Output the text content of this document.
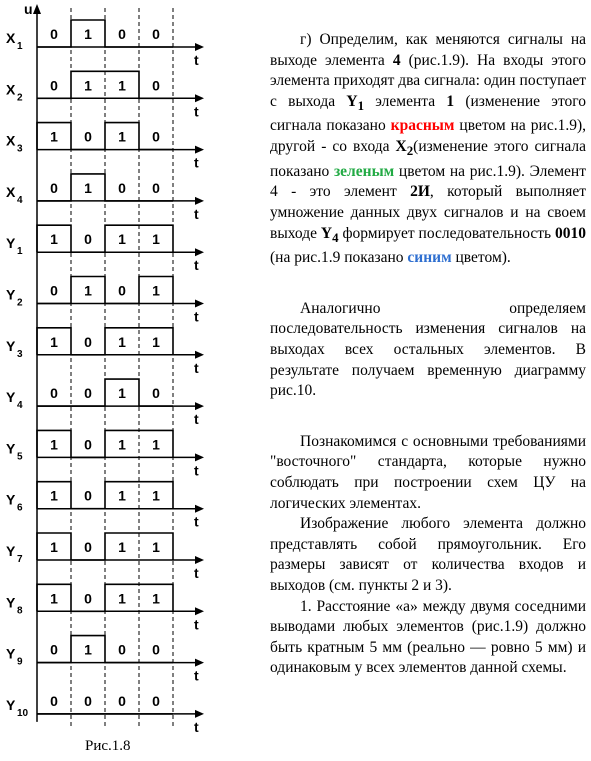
u
t
X
1
0 1 0 0
t
X
2
0 1 1 0
t
X
3
1 0 1 0
t
X
4
0 1 0 0
t
Y
1
1 0 1 1
t
Y
2
0 1 0 1
t
Y
3
1 0 1 1
t
Y
4
0 0 1 0
t
Y
5
1 0 1 1
t
Y
6
1 0 1 1
t
Y
7
1 0 1 1
t
Y
8
1 0 1 1
t
Y
9
0 1 0 0
t
Y
10
0 0 0 0
Рис.1.8

г) Определим, как меняются сигналы на выходе элемента 4 (рис.1.9). На входы этого элемента приходят два сигнала: один поступает с выхода $Y_1$ элемента 1 (изменение этого сигнала показано красным цветом на рис.1.9), другой - со входа $X_2(изменение$ этого сигнала показано зеленым цветом на рис.1.9). Элемент 4 - это элемент 2И, который выполняет умножение данных двух сигналов и на своем выходе $Y_4$ формирует последовательность 0010 (на рис.1.9 показано синим цветом).

Аналогично определяем последовательность изменения сигналов на выходах всех остальных элементов. В результате получаем временную диаграмму рис.10.

Познакомимся с основными требованиями "восточного" стандарта, которые нужно соблюдать при построении схем ЦУ на логических элементах.

Изображение любого элемента должно представлять собой прямоугольник. Его размеры зависят от количества входов и выходов (см. пункты 2 и 3).

1. Расстояние «а» между двумя соседними выводами любых элементов (рис.1.9) должно быть кратным 5 мм (реально — ровно 5 мм) и одинаковым у всех элементов данной схемы.
